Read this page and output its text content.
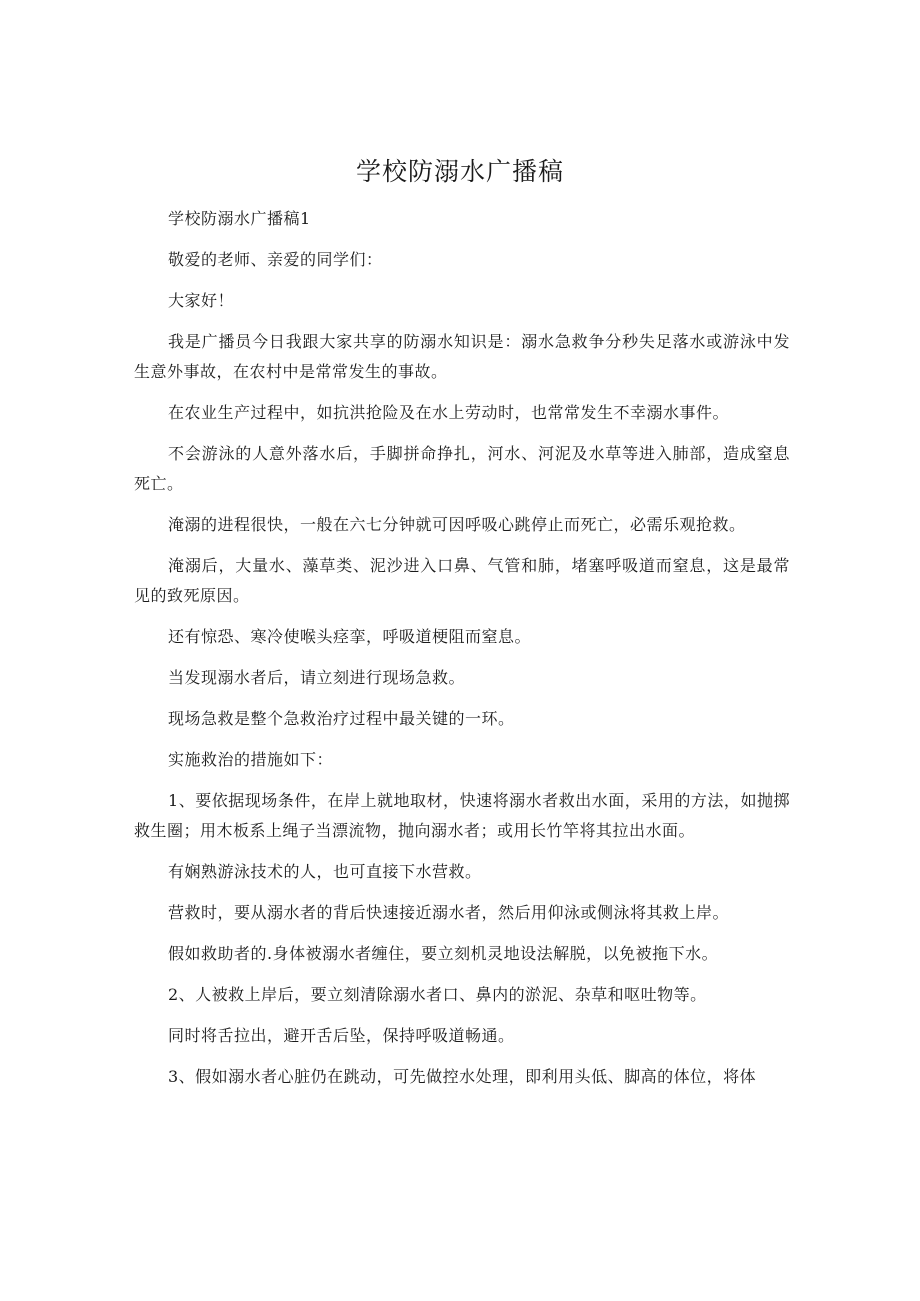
学校防溺水广播稿

学校防溺水广播稿1

敬爱的老师、亲爱的同学们：

大家好！

我是广播员今日我跟大家共享的防溺水知识是：溺水急救争分秒失足落水或游泳中发生意外事故，在农村中是常常发生的事故。

在农业生产过程中，如抗洪抢险及在水上劳动时，也常常发生不幸溺水事件。

不会游泳的人意外落水后，手脚拼命挣扎，河水、河泥及水草等进入肺部，造成窒息死亡。

淹溺的进程很快，一般在六七分钟就可因呼吸心跳停止而死亡，必需乐观抢救。

淹溺后，大量水、藻草类、泥沙进入口鼻、气管和肺，堵塞呼吸道而窒息，这是最常见的致死原因。

还有惊恐、寒冷使喉头痉挛，呼吸道梗阻而窒息。

当发现溺水者后，请立刻进行现场急救。

现场急救是整个急救治疗过程中最关键的一环。

实施救治的措施如下：

1、要依据现场条件，在岸上就地取材，快速将溺水者救出水面，采用的方法，如抛掷救生圈；用木板系上绳子当漂流物，抛向溺水者；或用长竹竿将其拉出水面。

有娴熟游泳技术的人，也可直接下水营救。

营救时，要从溺水者的背后快速接近溺水者，然后用仰泳或侧泳将其救上岸。

假如救助者的.身体被溺水者缠住，要立刻机灵地设法解脱，以免被拖下水。

2、人被救上岸后，要立刻清除溺水者口、鼻内的淤泥、杂草和呕吐物等。

同时将舌拉出，避开舌后坠，保持呼吸道畅通。

3、假如溺水者心脏仍在跳动，可先做控水处理，即利用头低、脚高的体位，将体
